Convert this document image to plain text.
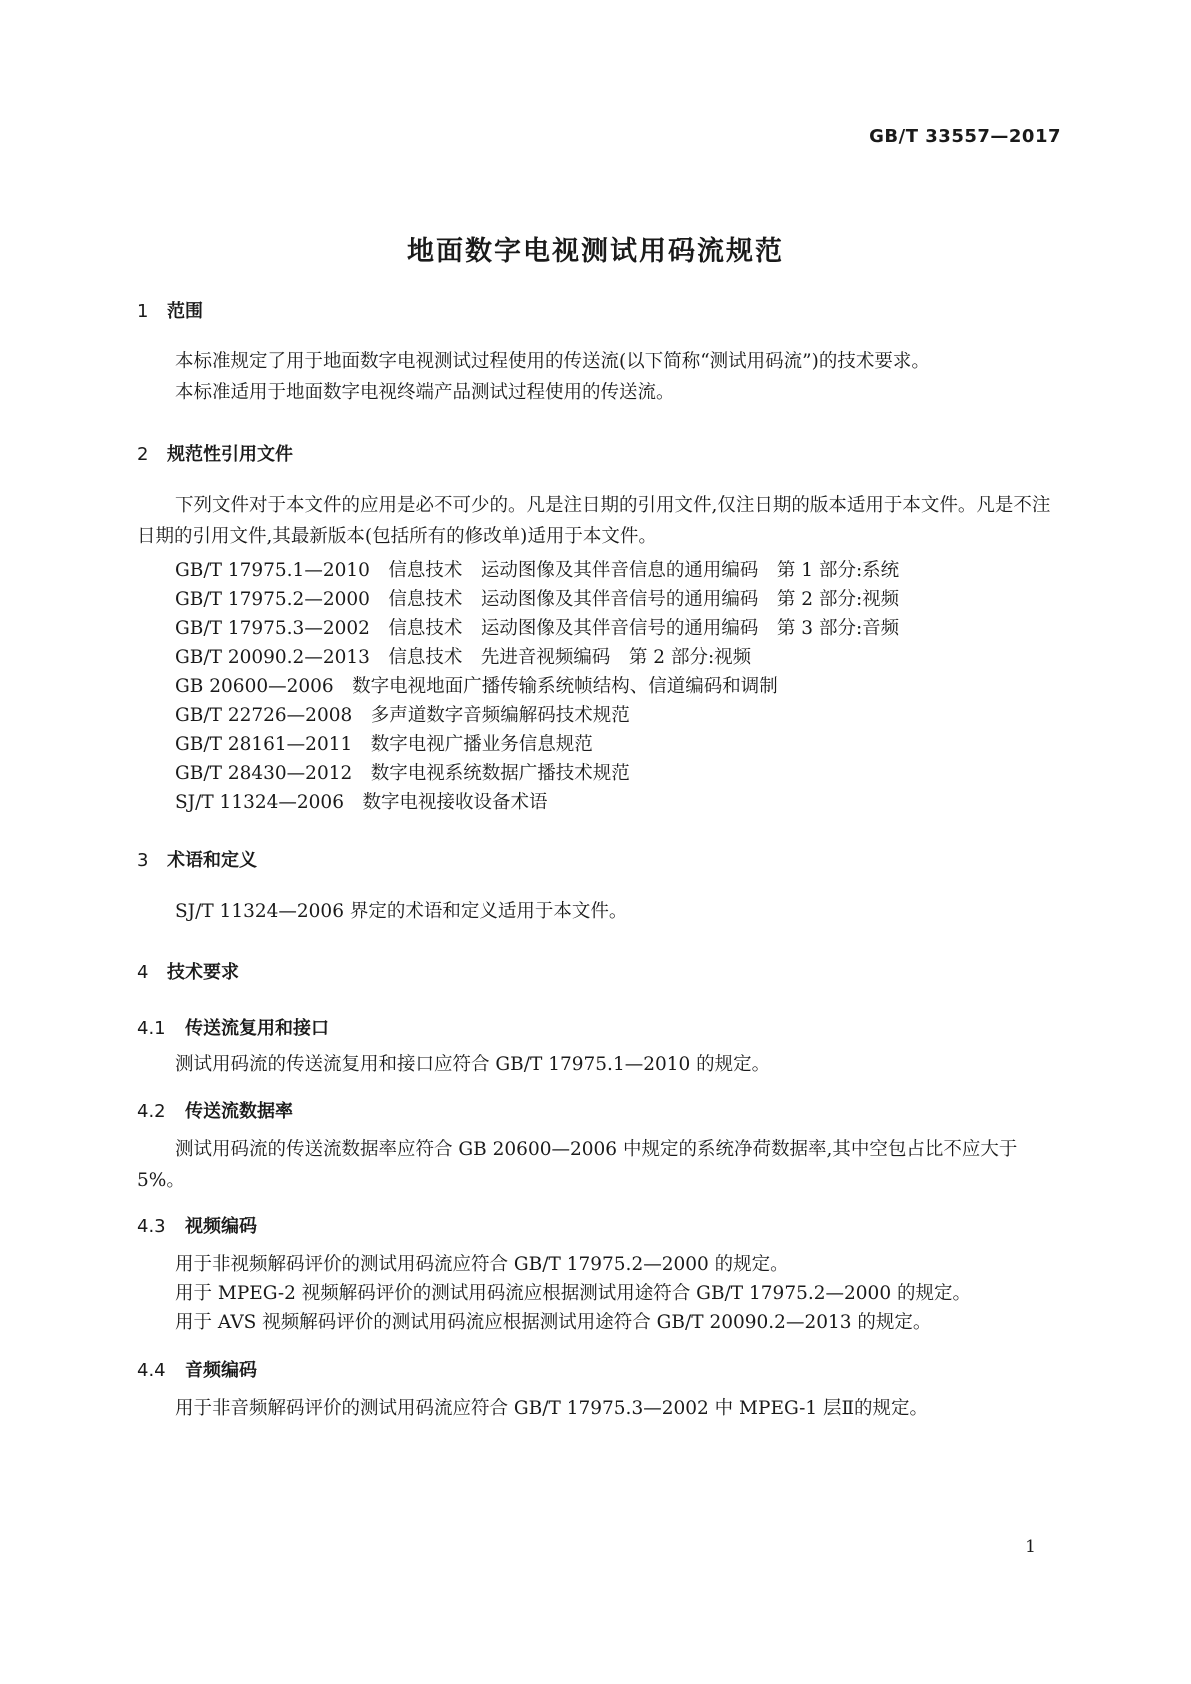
GB/T 33557—2017
地面数字电视测试用码流规范
1 范围
本标准规定了用于地面数字电视测试过程使用的传送流(以下简称“测试用码流”)的技术要求。
本标准适用于地面数字电视终端产品测试过程使用的传送流。
2 规范性引用文件
下列文件对于本文件的应用是必不可少的。凡是注日期的引用文件,仅注日期的版本适用于本文件。凡是不注日期的引用文件,其最新版本(包括所有的修改单)适用于本文件。
GB/T 17975.1—2010　信息技术　运动图像及其伴音信息的通用编码　第 1 部分:系统
GB/T 17975.2—2000　信息技术　运动图像及其伴音信号的通用编码　第 2 部分:视频
GB/T 17975.3—2002　信息技术　运动图像及其伴音信号的通用编码　第 3 部分:音频
GB/T 20090.2—2013　信息技术　先进音视频编码　第 2 部分:视频
GB 20600—2006　数字电视地面广播传输系统帧结构、信道编码和调制
GB/T 22726—2008　多声道数字音频编解码技术规范
GB/T 28161—2011　数字电视广播业务信息规范
GB/T 28430—2012　数字电视系统数据广播技术规范
SJ/T 11324—2006　数字电视接收设备术语
3 术语和定义
SJ/T 11324—2006 界定的术语和定义适用于本文件。
4 技术要求
4.1 传送流复用和接口
测试用码流的传送流复用和接口应符合 GB/T 17975.1—2010 的规定。
4.2 传送流数据率
测试用码流的传送流数据率应符合 GB 20600—2006 中规定的系统净荷数据率,其中空包占比不应大于 5%。
4.3 视频编码
用于非视频解码评价的测试用码流应符合 GB/T 17975.2—2000 的规定。
用于 MPEG-2 视频解码评价的测试用码流应根据测试用途符合 GB/T 17975.2—2000 的规定。
用于 AVS 视频解码评价的测试用码流应根据测试用途符合 GB/T 20090.2—2013 的规定。
4.4 音频编码
用于非音频解码评价的测试用码流应符合 GB/T 17975.3—2002 中 MPEG-1 层Ⅱ的规定。
1
